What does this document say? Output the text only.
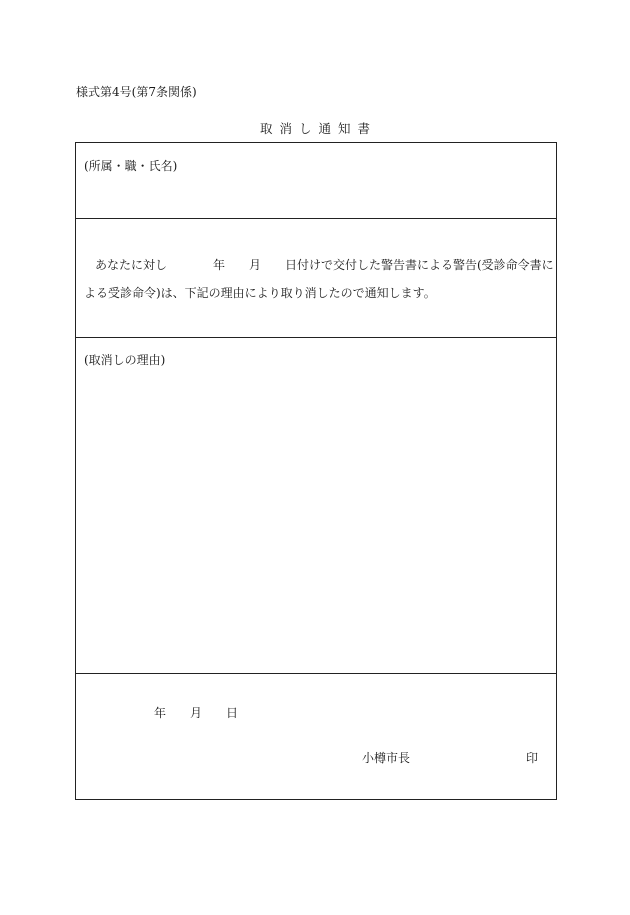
様式第4号(第7条関係)
取消し通知書
(所属・職・氏名)
あなたに対し	年 月 日付けで交付した警告書による警告(受診命令書に
よる受診命令)は、下記の理由により取り消したので通知します。
(取消しの理由)
年 月 日
小樽市長	印
